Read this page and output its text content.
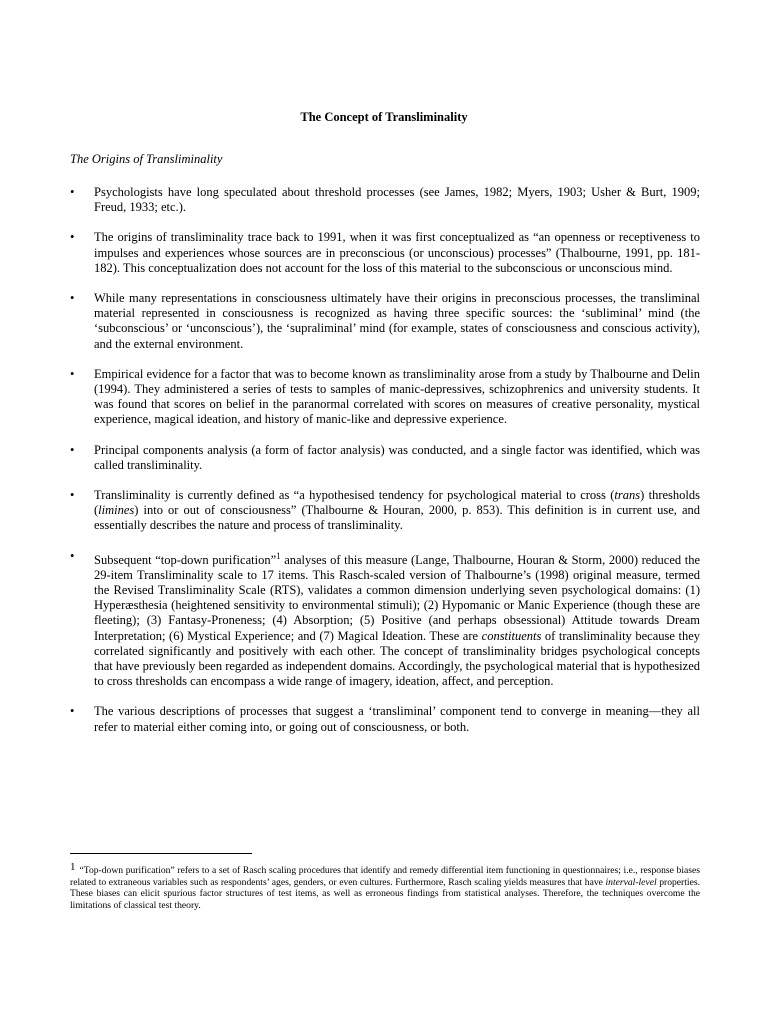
The Concept of Transliminality
The Origins of Transliminality
• Psychologists have long speculated about threshold processes (see James, 1982; Myers, 1903; Usher & Burt, 1909; Freud, 1933; etc.).
• The origins of transliminality trace back to 1991, when it was first conceptualized as “an openness or receptiveness to impulses and experiences whose sources are in preconscious (or unconscious) processes” (Thalbourne, 1991, pp. 181-182). This conceptualization does not account for the loss of this material to the subconscious or unconscious mind.
• While many representations in consciousness ultimately have their origins in preconscious processes, the transliminal material represented in consciousness is recognized as having three specific sources: the ‘subliminal’ mind (the ‘subconscious’ or ‘unconscious’), the ‘supraliminal’ mind (for example, states of consciousness and conscious activity), and the external environment.
• Empirical evidence for a factor that was to become known as transliminality arose from a study by Thalbourne and Delin (1994). They administered a series of tests to samples of manic-depressives, schizophrenics and university students. It was found that scores on belief in the paranormal correlated with scores on measures of creative personality, mystical experience, magical ideation, and history of manic-like and depressive experience.
• Principal components analysis (a form of factor analysis) was conducted, and a single factor was identified, which was called transliminality.
• Transliminality is currently defined as “a hypothesised tendency for psychological material to cross (trans) thresholds (limines) into or out of consciousness” (Thalbourne & Houran, 2000, p. 853). This definition is in current use, and essentially describes the nature and process of transliminality.
• Subsequent “top-down purification”$^1$ analyses of this measure (Lange, Thalbourne, Houran & Storm, 2000) reduced the 29-item Transliminality scale to 17 items. This Rasch-scaled version of Thalbourne’s (1998) original measure, termed the Revised Transliminality Scale (RTS), validates a common dimension underlying seven psychological domains: (1) Hyperæsthesia (heightened sensitivity to environmental stimuli); (2) Hypomanic or Manic Experience (though these are fleeting); (3) Fantasy-Proneness; (4) Absorption; (5) Positive (and perhaps obsessional) Attitude towards Dream Interpretation; (6) Mystical Experience; and (7) Magical Ideation. These are constituents of transliminality because they correlated significantly and positively with each other. The concept of transliminality bridges psychological concepts that have previously been regarded as independent domains. Accordingly, the psychological material that is hypothesized to cross thresholds can encompass a wide range of imagery, ideation, affect, and perception.
• The various descriptions of processes that suggest a ‘transliminal’ component tend to converge in meaning—they all refer to material either coming into, or going out of consciousness, or both.
1 “Top-down purification” refers to a set of Rasch scaling procedures that identify and remedy differential item functioning in questionnaires; i.e., response biases related to extraneous variables such as respondents’ ages, genders, or even cultures. Furthermore, Rasch scaling yields measures that have interval-level properties. These biases can elicit spurious factor structures of test items, as well as erroneous findings from statistical analyses. Therefore, the techniques overcome the limitations of classical test theory.
